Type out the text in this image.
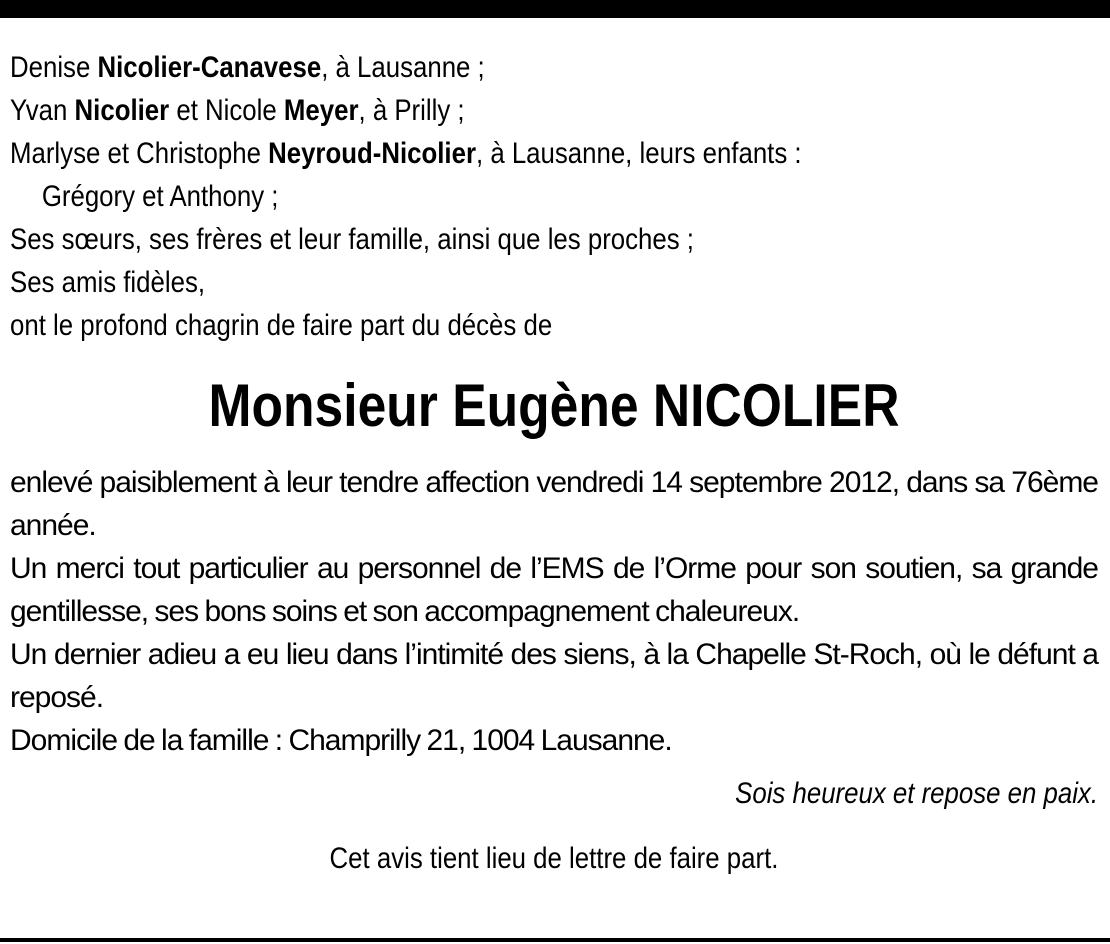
Denise Nicolier-Canavese, à Lausanne ;
Yvan Nicolier et Nicole Meyer, à Prilly ;
Marlyse et Christophe Neyroud-Nicolier, à Lausanne, leurs enfants :
Grégory et Anthony ;
Ses sœurs, ses frères et leur famille, ainsi que les proches ;
Ses amis fidèles,
ont le profond chagrin de faire part du décès de
Monsieur Eugène NICOLIER
enlevé paisiblement à leur tendre affection vendredi 14 septembre 2012, dans sa 76ème année.
Un merci tout particulier au personnel de l’EMS de l’Orme pour son soutien, sa grande gentillesse, ses bons soins et son accompagnement chaleureux.
Un dernier adieu a eu lieu dans l’intimité des siens, à la Chapelle St-Roch, où le défunt a reposé.
Domicile de la famille : Champrilly 21, 1004 Lausanne.
Sois heureux et repose en paix.
Cet avis tient lieu de lettre de faire part.
